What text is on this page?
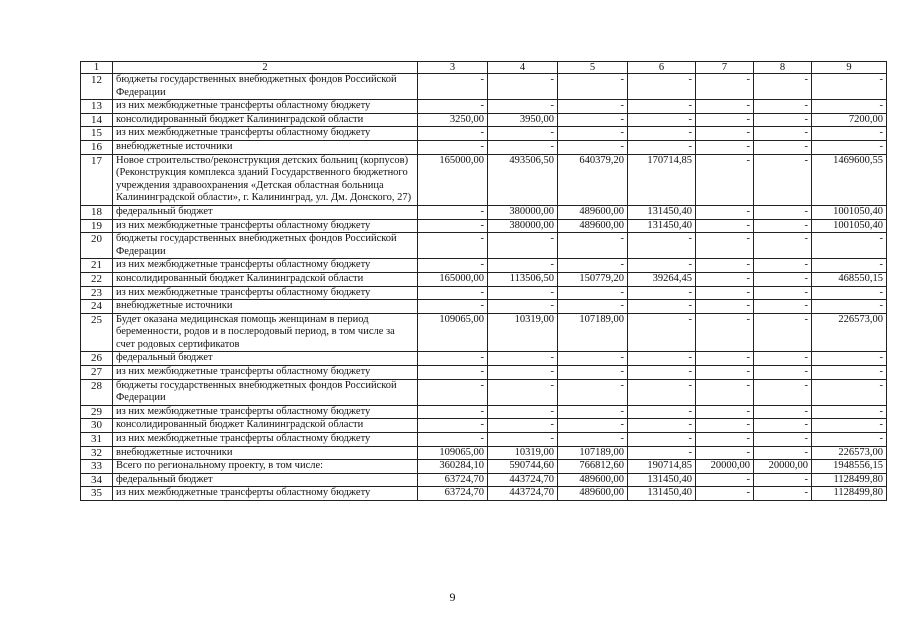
1	2	3	4	5	6	7	8	9
12	бюджеты государственных внебюджетных фондов Российской Федерации	-	-	-	-	-	-	-
13	из них межбюджетные трансферты областному бюджету	-	-	-	-	-	-	-
14	консолидированный бюджет Калининградской области	3250,00	3950,00	-	-	-	-	7200,00
15	из них межбюджетные трансферты областному бюджету	-	-	-	-	-	-	-
16	внебюджетные источники	-	-	-	-	-	-	-
17	Новое строительство/реконструкция детских больниц (корпусов) (Реконструкция комплекса зданий Государственного бюджетного учреждения здравоохранения «Детская областная больница Калининградской области», г. Калининград, ул. Дм. Донского, 27)	165000,00	493506,50	640379,20	170714,85	-	-	1469600,55
18	федеральный бюджет	-	380000,00	489600,00	131450,40	-	-	1001050,40
19	из них межбюджетные трансферты областному бюджету	-	380000,00	489600,00	131450,40	-	-	1001050,40
20	бюджеты государственных внебюджетных фондов Российской Федерации	-	-	-	-	-	-	-
21	из них межбюджетные трансферты областному бюджету	-	-	-	-	-	-	-
22	консолидированный бюджет Калининградской области	165000,00	113506,50	150779,20	39264,45	-	-	468550,15
23	из них межбюджетные трансферты областному бюджету	-	-	-	-	-	-	-
24	внебюджетные источники	-	-	-	-	-	-	-
25	Будет оказана медицинская помощь женщинам в период беременности, родов и в послеродовый период, в том числе за счет родовых сертификатов	109065,00	10319,00	107189,00	-	-	-	226573,00
26	федеральный бюджет	-	-	-	-	-	-	-
27	из них межбюджетные трансферты областному бюджету	-	-	-	-	-	-	-
28	бюджеты государственных внебюджетных фондов Российской Федерации	-	-	-	-	-	-	-
29	из них межбюджетные трансферты областному бюджету	-	-	-	-	-	-	-
30	консолидированный бюджет Калининградской области	-	-	-	-	-	-	-
31	из них межбюджетные трансферты областному бюджету	-	-	-	-	-	-	-
32	внебюджетные источники	109065,00	10319,00	107189,00	-	-	-	226573,00
33	Всего по региональному проекту, в том числе:	360284,10	590744,60	766812,60	190714,85	20000,00	20000,00	1948556,15
34	федеральный бюджет	63724,70	443724,70	489600,00	131450,40	-	-	1128499,80
35	из них межбюджетные трансферты областному бюджету	63724,70	443724,70	489600,00	131450,40	-	-	1128499,80
9
